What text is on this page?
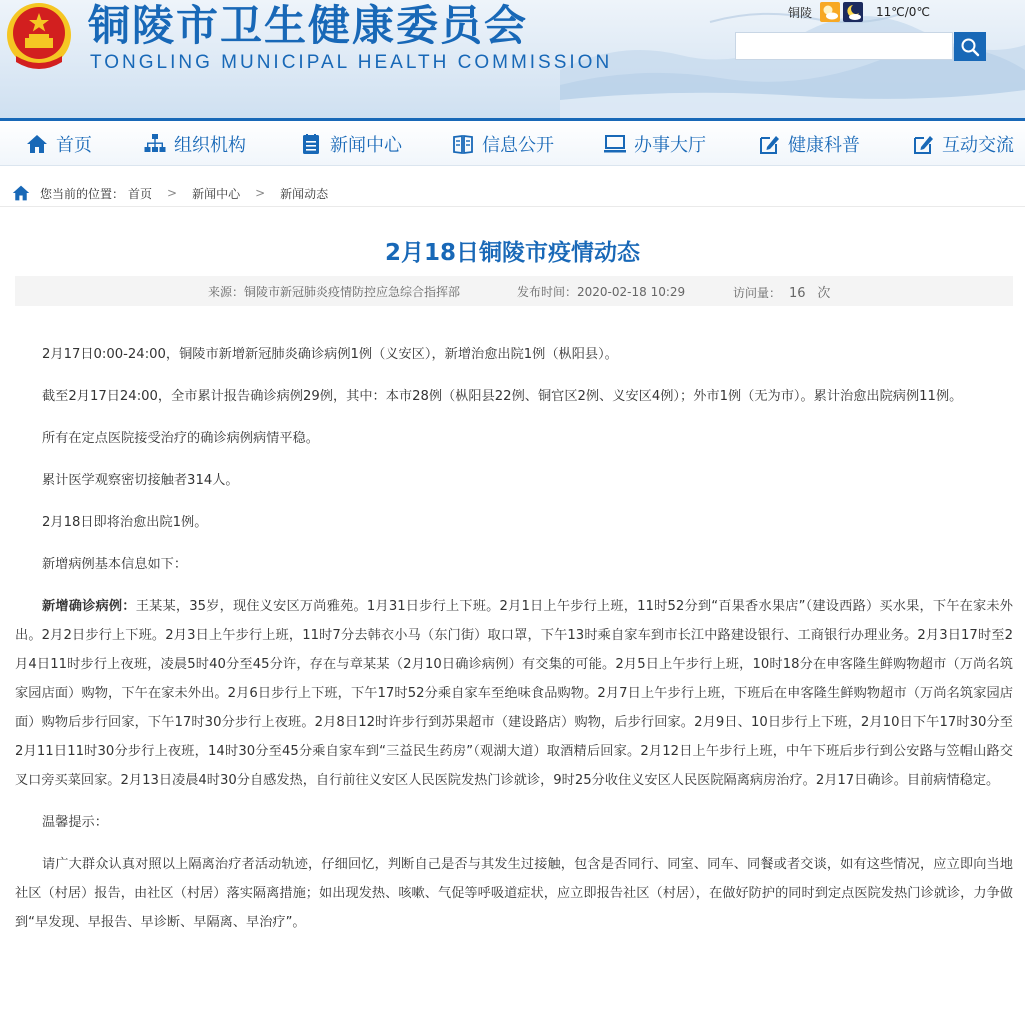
铜陵市卫生健康委员会
TONGLING MUNICIPAL HEALTH COMMISSION
铜陵	11℃/0℃
首页	组织机构	新闻中心	信息公开	办事大厅	健康科普	互动交流
您当前的位置： 首页 > 新闻中心 > 新闻动态
2月18日铜陵市疫情动态
来源：铜陵市新冠肺炎疫情防控应急综合指挥部	发布时间：2020-02-18 10:29	访问量： 16 次

2月17日0:00-24:00，铜陵市新增新冠肺炎确诊病例1例（义安区），新增治愈出院1例（枞阳县）。

截至2月17日24:00，全市累计报告确诊病例29例，其中：本市28例（枞阳县22例、铜官区2例、义安区4例）；外市1例（无为市）。累计治愈出院病例11例。

所有在定点医院接受治疗的确诊病例病情平稳。

累计医学观察密切接触者314人。

2月18日即将治愈出院1例。

新增病例基本信息如下：

新增确诊病例：王某某，35岁，现住义安区万尚雅苑。1月31日步行上下班。2月1日上午步行上班，11时52分到“百果香水果店”（建设西路）买水果，下午在家未外出。2月2日步行上下班。2月3日上午步行上班，11时7分去韩衣小马（东门街）取口罩，下午13时乘自家车到市长江中路建设银行、工商银行办理业务。2月3日17时至2月4日11时步行上夜班，凌晨5时40分至45分许，存在与章某某（2月10日确诊病例）有交集的可能。2月5日上午步行上班，10时18分在申客隆生鲜购物超市（万尚名筑家园店面）购物，下午在家未外出。2月6日步行上下班，下午17时52分乘自家车至绝味食品购物。2月7日上午步行上班，下班后在申客隆生鲜购物超市（万尚名筑家园店面）购物后步行回家，下午17时30分步行上夜班。2月8日12时许步行到苏果超市（建设路店）购物，后步行回家。2月9日、10日步行上下班，2月10日下午17时30分至2月11日11时30分步行上夜班，14时30分至45分乘自家车到“三益民生药房”（观湖大道）取酒精后回家。2月12日上午步行上班，中午下班后步行到公安路与笠帽山路交叉口旁买菜回家。2月13日凌晨4时30分自感发热，自行前往义安区人民医院发热门诊就诊，9时25分收住义安区人民医院隔离病房治疗。2月17日确诊。目前病情稳定。

温馨提示：

请广大群众认真对照以上隔离治疗者活动轨迹，仔细回忆，判断自己是否与其发生过接触，包含是否同行、同室、同车、同餐或者交谈，如有这些情况，应立即向当地社区（村居）报告，由社区（村居）落实隔离措施；如出现发热、咳嗽、气促等呼吸道症状，应立即报告社区（村居），在做好防护的同时到定点医院发热门诊就诊，力争做到“早发现、早报告、早诊断、早隔离、早治疗”。
